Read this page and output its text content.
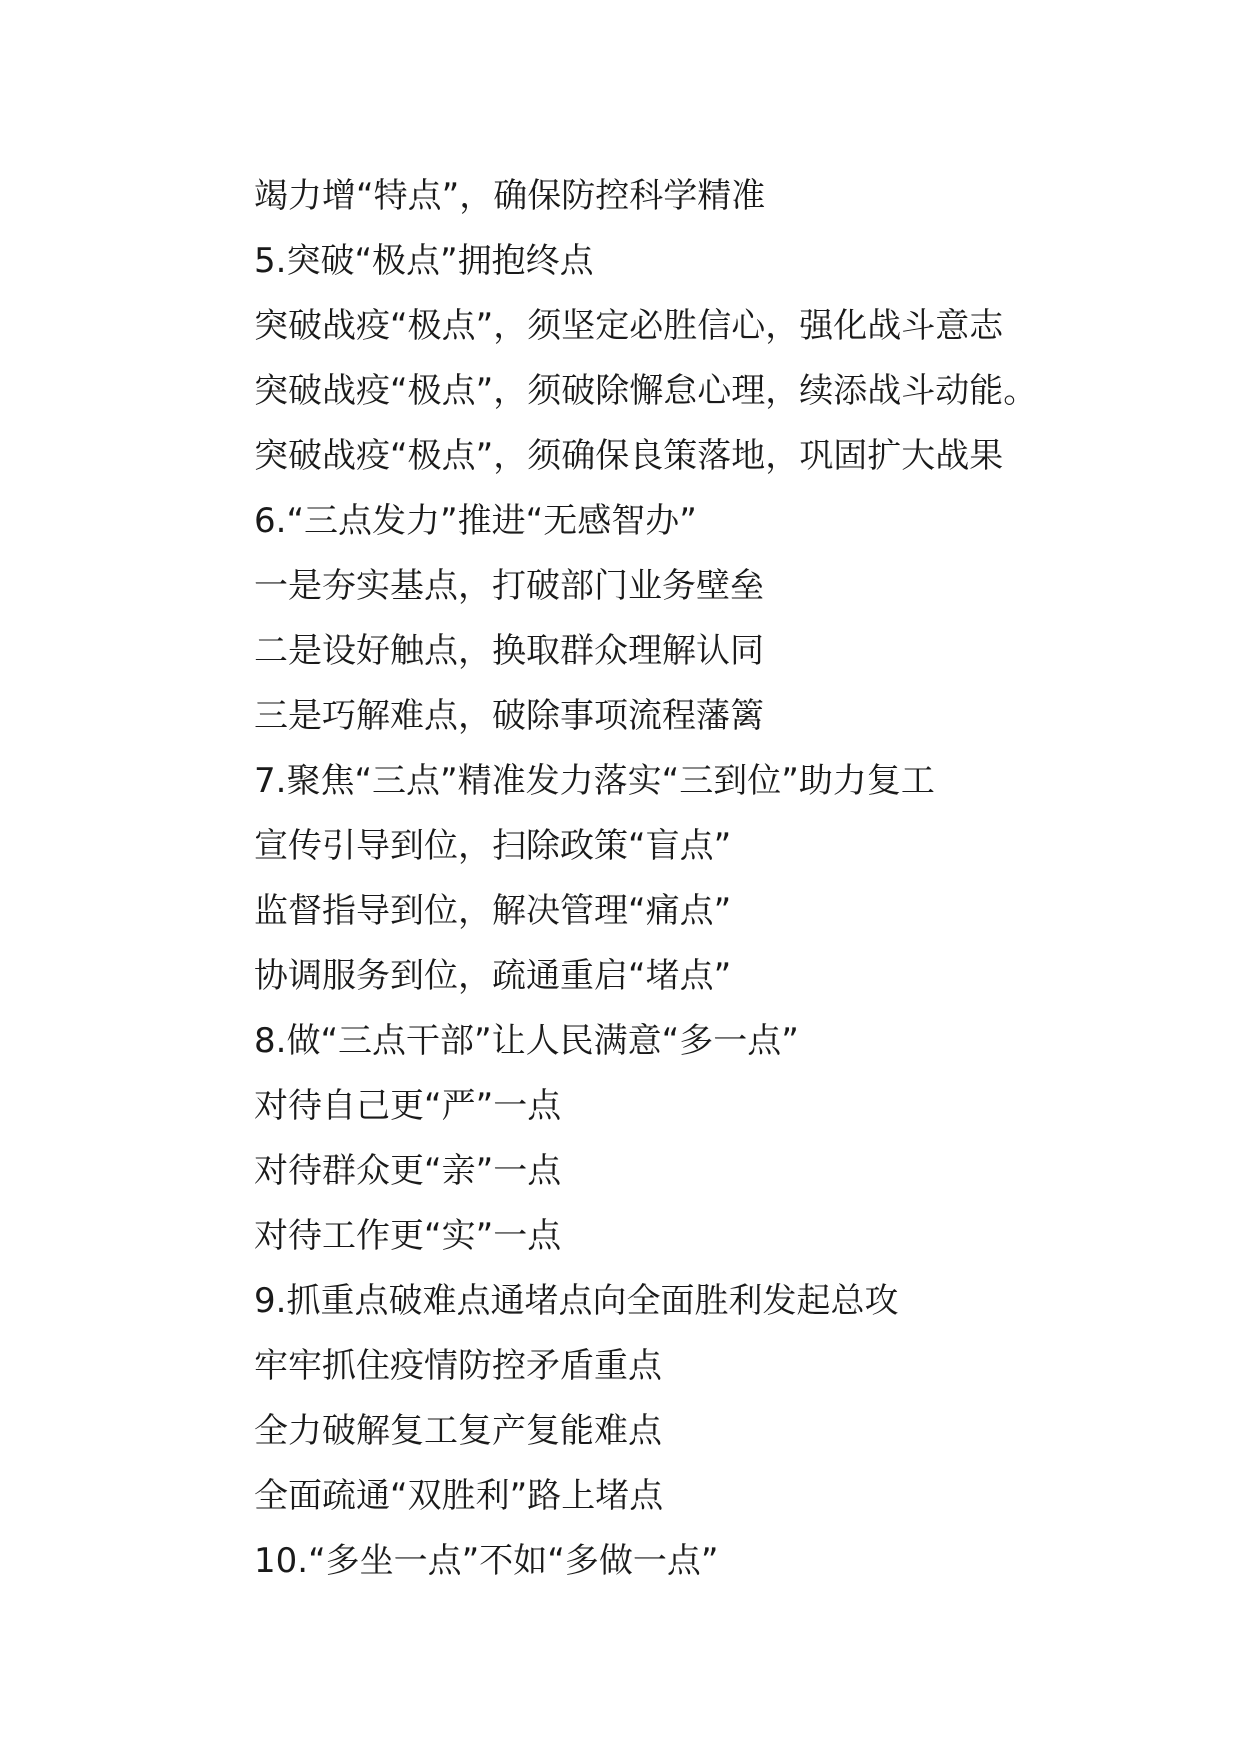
竭力增“特点”，确保防控科学精准
5.突破“极点”拥抱终点
突破战疫“极点”，须坚定必胜信心，强化战斗意志
突破战疫“极点”，须破除懈怠心理，续添战斗动能。
突破战疫“极点”，须确保良策落地，巩固扩大战果
6.“三点发力”推进“无感智办”
一是夯实基点，打破部门业务壁垒
二是设好触点，换取群众理解认同
三是巧解难点，破除事项流程藩篱
7.聚焦“三点”精准发力落实“三到位”助力复工
宣传引导到位，扫除政策“盲点”
监督指导到位，解决管理“痛点”
协调服务到位，疏通重启“堵点”
8.做“三点干部”让人民满意“多一点”
对待自己更“严”一点
对待群众更“亲”一点
对待工作更“实”一点
9.抓重点破难点通堵点向全面胜利发起总攻
牢牢抓住疫情防控矛盾重点
全力破解复工复产复能难点
全面疏通“双胜利”路上堵点
10.“多坐一点”不如“多做一点”
